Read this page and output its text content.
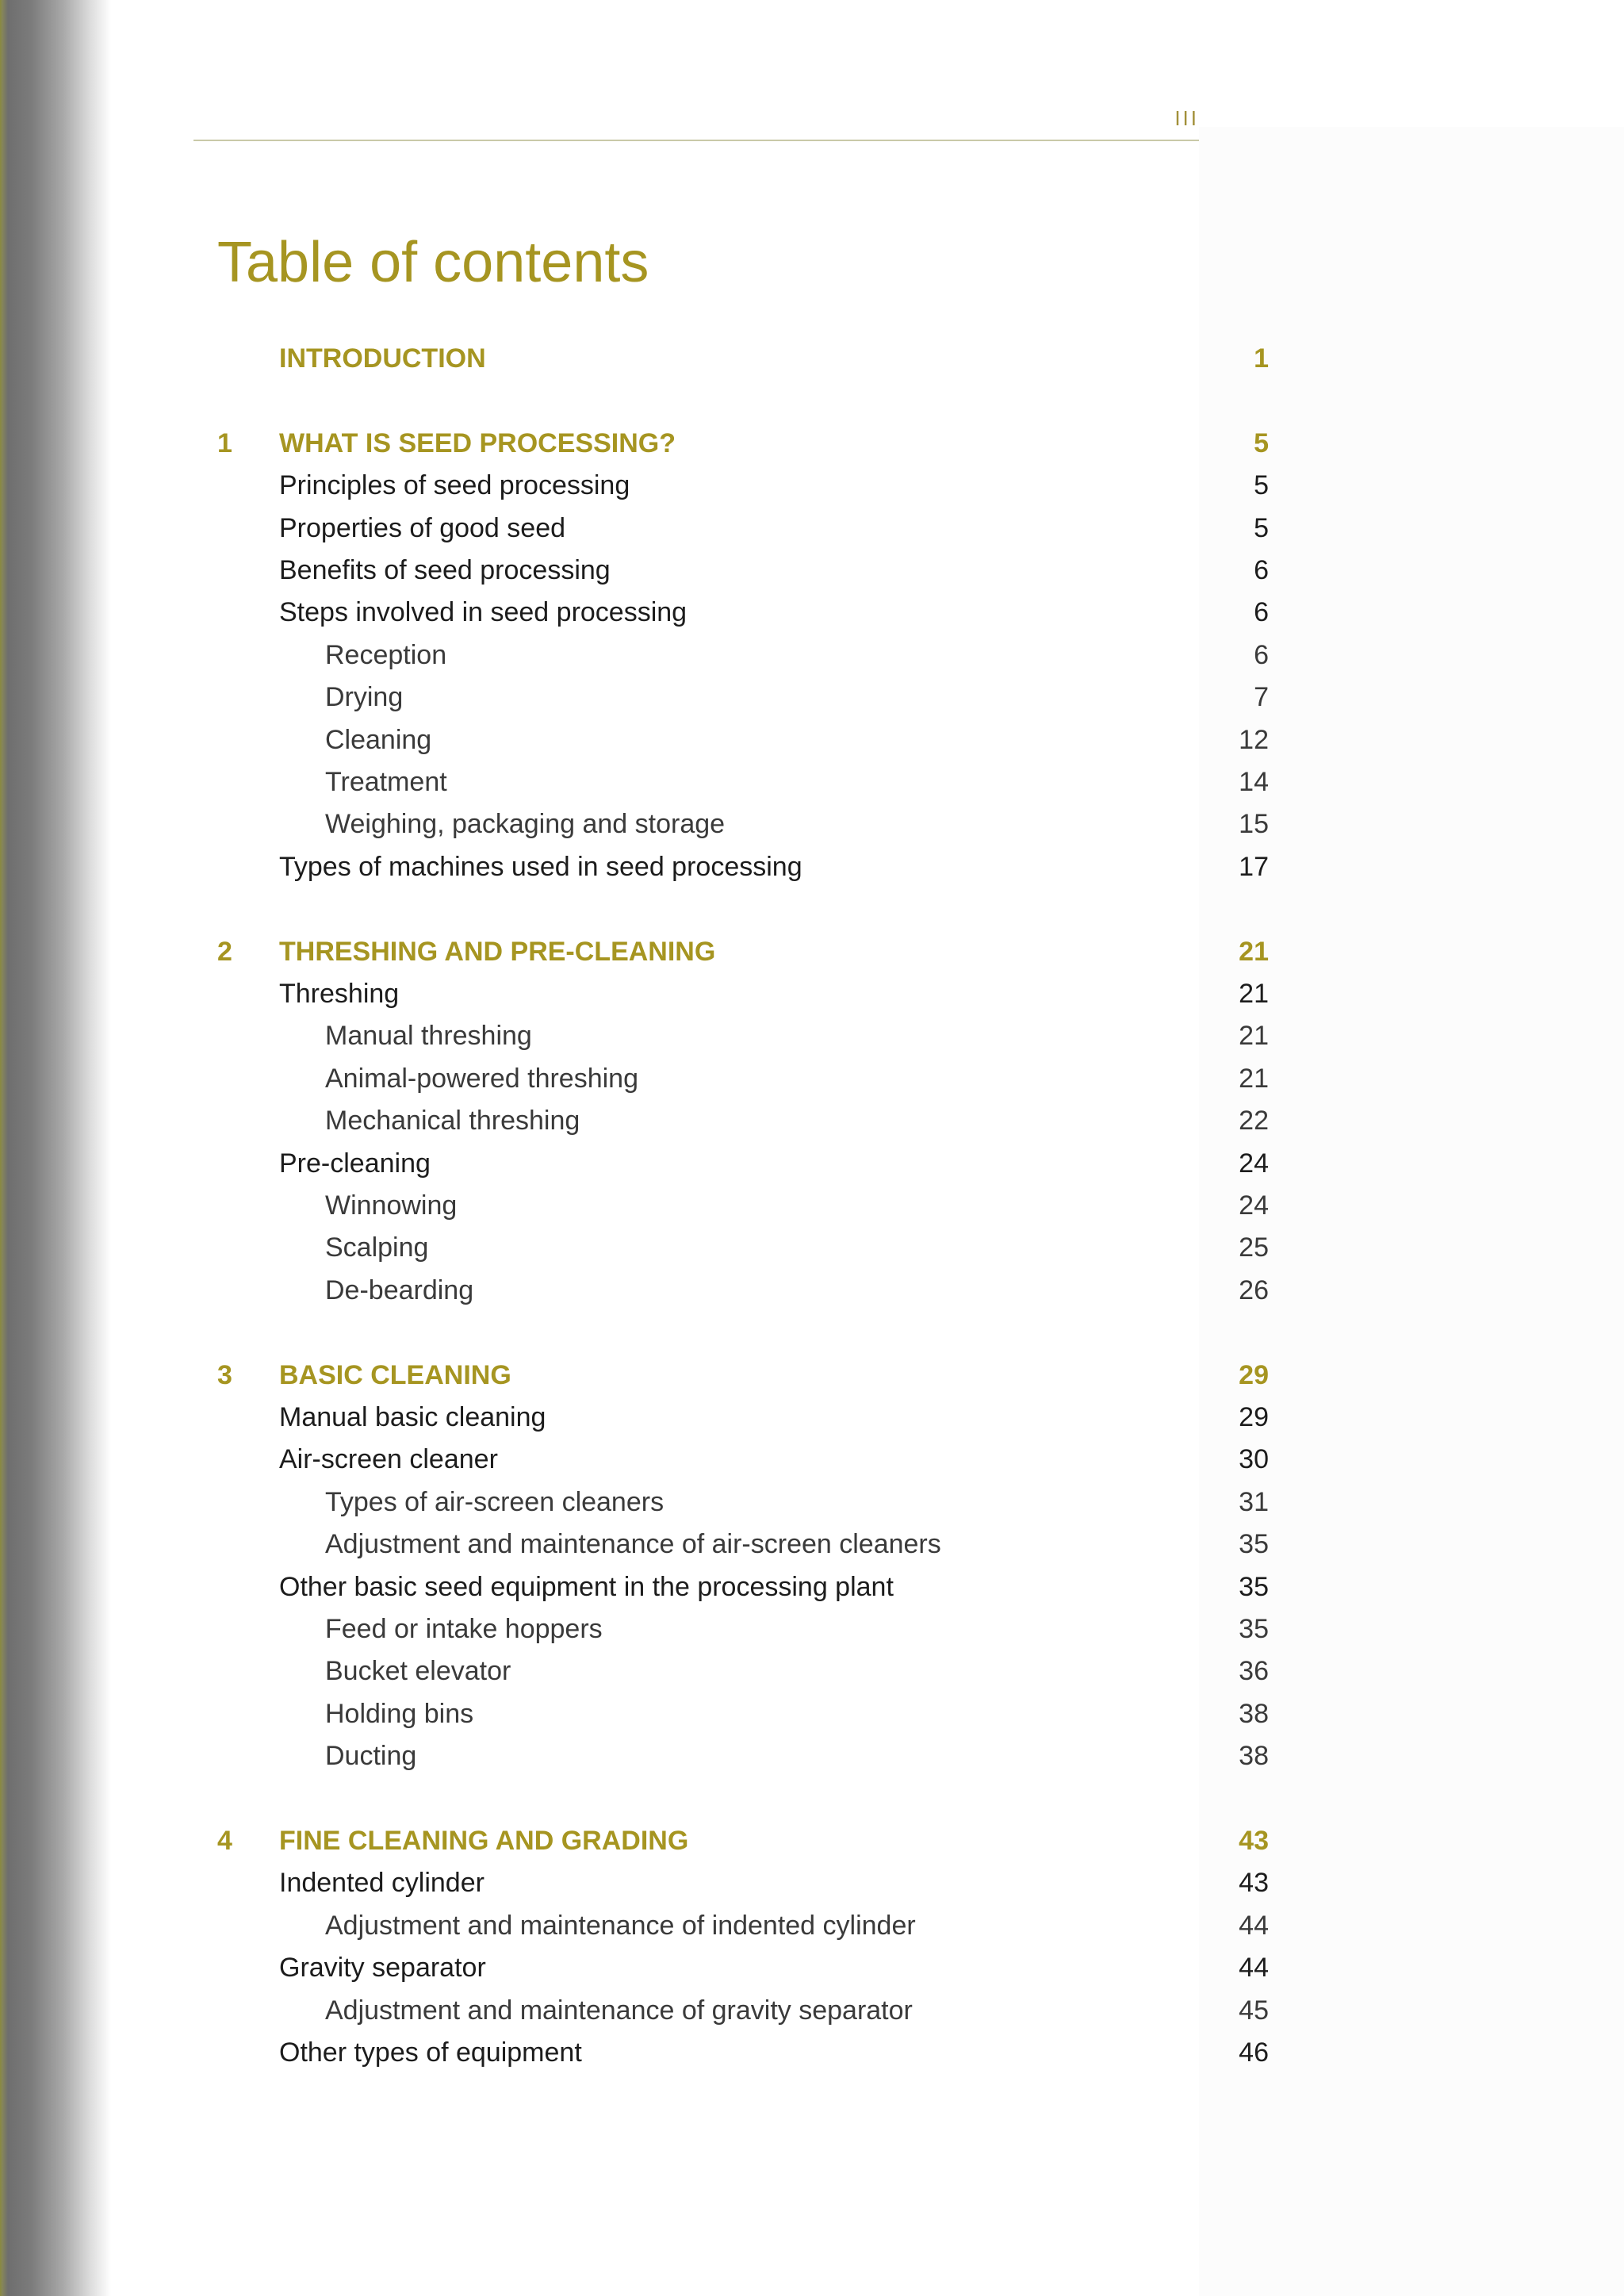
III
Table of contents
INTRODUCTION	1
1 WHAT IS SEED PROCESSING?	5
Principles of seed processing	5
Properties of good seed	5
Benefits of seed processing	6
Steps involved in seed processing	6
Reception	6
Drying	7
Cleaning	12
Treatment	14
Weighing, packaging and storage	15
Types of machines used in seed processing	17
2 THRESHING AND PRE-CLEANING	21
Threshing	21
Manual threshing	21
Animal-powered threshing	21
Mechanical threshing	22
Pre-cleaning	24
Winnowing	24
Scalping	25
De-bearding	26
3 BASIC CLEANING	29
Manual basic cleaning	29
Air-screen cleaner	30
Types of air-screen cleaners	31
Adjustment and maintenance of air-screen cleaners	35
Other basic seed equipment in the processing plant	35
Feed or intake hoppers	35
Bucket elevator	36
Holding bins	38
Ducting	38
4 FINE CLEANING AND GRADING	43
Indented cylinder	43
Adjustment and maintenance of indented cylinder	44
Gravity separator	44
Adjustment and maintenance of gravity separator	45
Other types of equipment	46
